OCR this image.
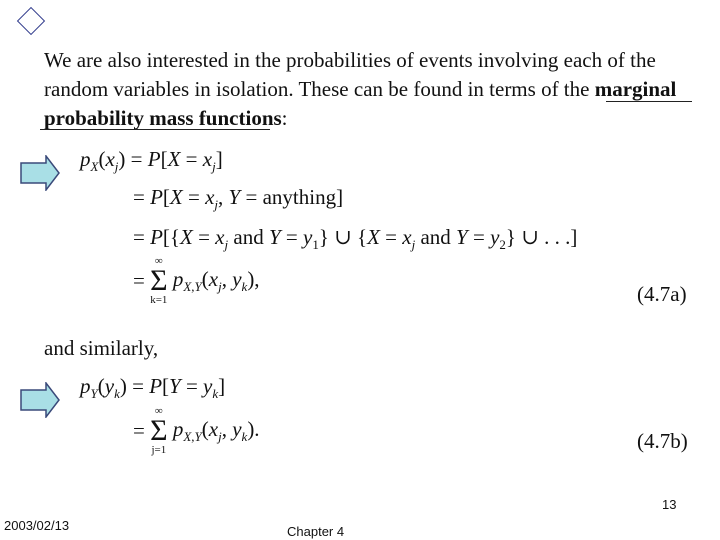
We are also interested in the probabilities of events involving each of the
random variables in isolation. These can be found in terms of the marginal
probability mass functions:
$p_X(x_j) = P[X = x_j]$
= $P[X = x_j$, Y = anything]
= $P[\{X = x_j$ and $Y = y_1$} ∪ {$X = x_j$ and $Y = y_2$} ∪ . . .]
=
∞
Σ
k=1
$p_{X,Y}(x_j$, $y_k$),
(4.7a)
and similarly,
$p_Y(y_k) = P[Y = y_k]$
=
∞
Σ
j=1
$p_{X,Y}(x_j$, $y_k$).
(4.7b)
13
2003/02/13	Chapter 4
